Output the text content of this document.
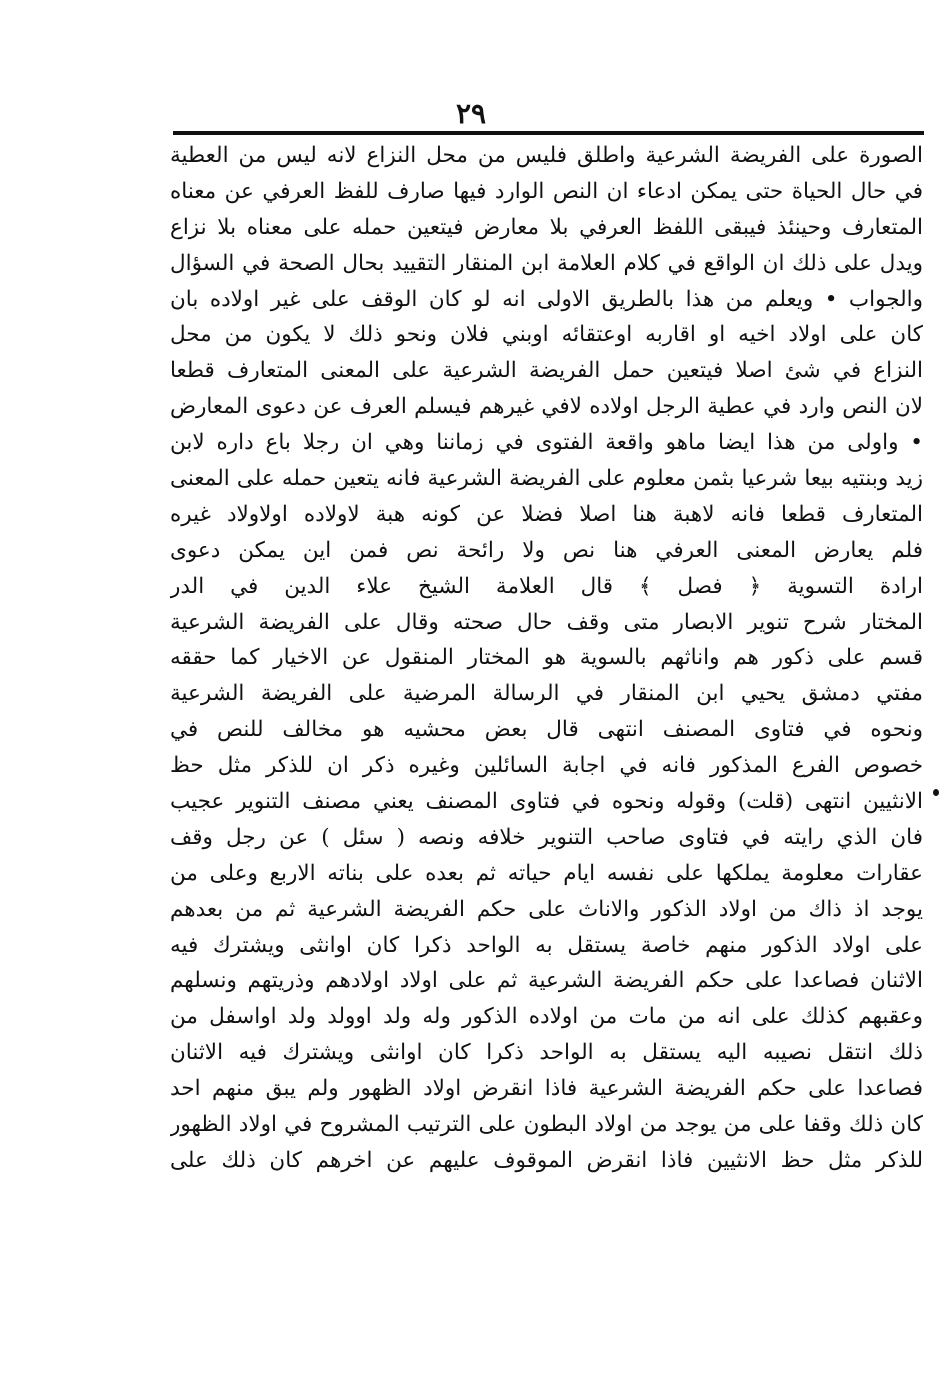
٢٩
الصورة على الفريضة الشرعية واطلق فليس من محل النزاع لانه ليس من العطية
في حال الحياة حتى يمكن ادعاء ان النص الوارد فيها صارف للفظ العرفي عن معناه
المتعارف وحينئذ فيبقى اللفظ العرفي بلا معارض فيتعين حمله على معناه بلا نزاع
ويدل على ذلك ان الواقع في كلام العلامة ابن المنقار التقييد بحال الصحة في السؤال
والجواب ‌• ويعلم من هذا بالطريق الاولى انه لو كان الوقف على غير اولاده بان
كان على اولاد اخيه او اقاربه اوعتقائه اوبني فلان ونحو ذلك لا يكون من محل
النزاع في شئ اصلا فيتعين حمل الفريضة الشرعية على المعنى المتعارف قطعا
لان النص وارد في عطية الرجل اولاده لافي غيرهم فيسلم العرف عن دعوى المعارض
‌• واولى من هذا ايضا ماهو واقعة الفتوى في زماننا وهي ان رجلا باع داره لابن
زيد وبنتيه بيعا شرعيا بثمن معلوم على الفريضة الشرعية فانه يتعين حمله على المعنى
المتعارف قطعا فانه لاهبة هنا اصلا فضلا عن كونه هبة لاولاده اولاولاد غيره
فلم يعارض المعنى العرفي هنا نص ولا رائحة نص فمن اين يمكن دعوى
ارادة التسوية ﴿ فصل ﴾ قال العلامة الشيخ علاء الدين في الدر
المختار شرح تنوير الابصار متى وقف حال صحته وقال على الفريضة الشرعية
قسم على ذكور هم واناثهم بالسوية هو المختار المنقول عن الاخيار كما حققه
مفتي دمشق يحيي ابن المنقار في الرسالة المرضية على الفريضة الشرعية
ونحوه في فتاوى المصنف انتهى قال بعض محشيه هو مخالف للنص في
خصوص الفرع المذكور فانه في اجابة السائلين وغيره ذكر ان للذكر مثل حظ
الانثيين انتهى (قلت) وقوله ونحوه في فتاوى المصنف يعني مصنف التنوير عجيب
فان الذي رايته في فتاوى صاحب التنوير خلافه ونصه ( سئل ) عن رجل وقف
عقارات معلومة يملكها على نفسه ايام حياته ثم بعده على بناته الاربع وعلى من
يوجد اذ ذاك من اولاد الذكور والاناث على حكم الفريضة الشرعية ثم من بعدهم
على اولاد الذكور منهم خاصة يستقل به الواحد ذكرا كان اوانثى ويشترك فيه
الاثنان فصاعدا على حكم الفريضة الشرعية ثم على اولاد اولادهم وذريتهم ونسلهم
وعقبهم كذلك على انه من مات من اولاده الذكور وله ولد اوولد ولد اواسفل من
ذلك انتقل نصيبه اليه يستقل به الواحد ذكرا كان اوانثى ويشترك فيه الاثنان
فصاعدا على حكم الفريضة الشرعية فاذا انقرض اولاد الظهور ولم يبق منهم احد
كان ذلك وقفا على من يوجد من اولاد البطون على الترتيب المشروح في اولاد الظهور
للذكر مثل حظ الانثيين فاذا انقرض الموقوف عليهم عن اخرهم كان ذلك على
